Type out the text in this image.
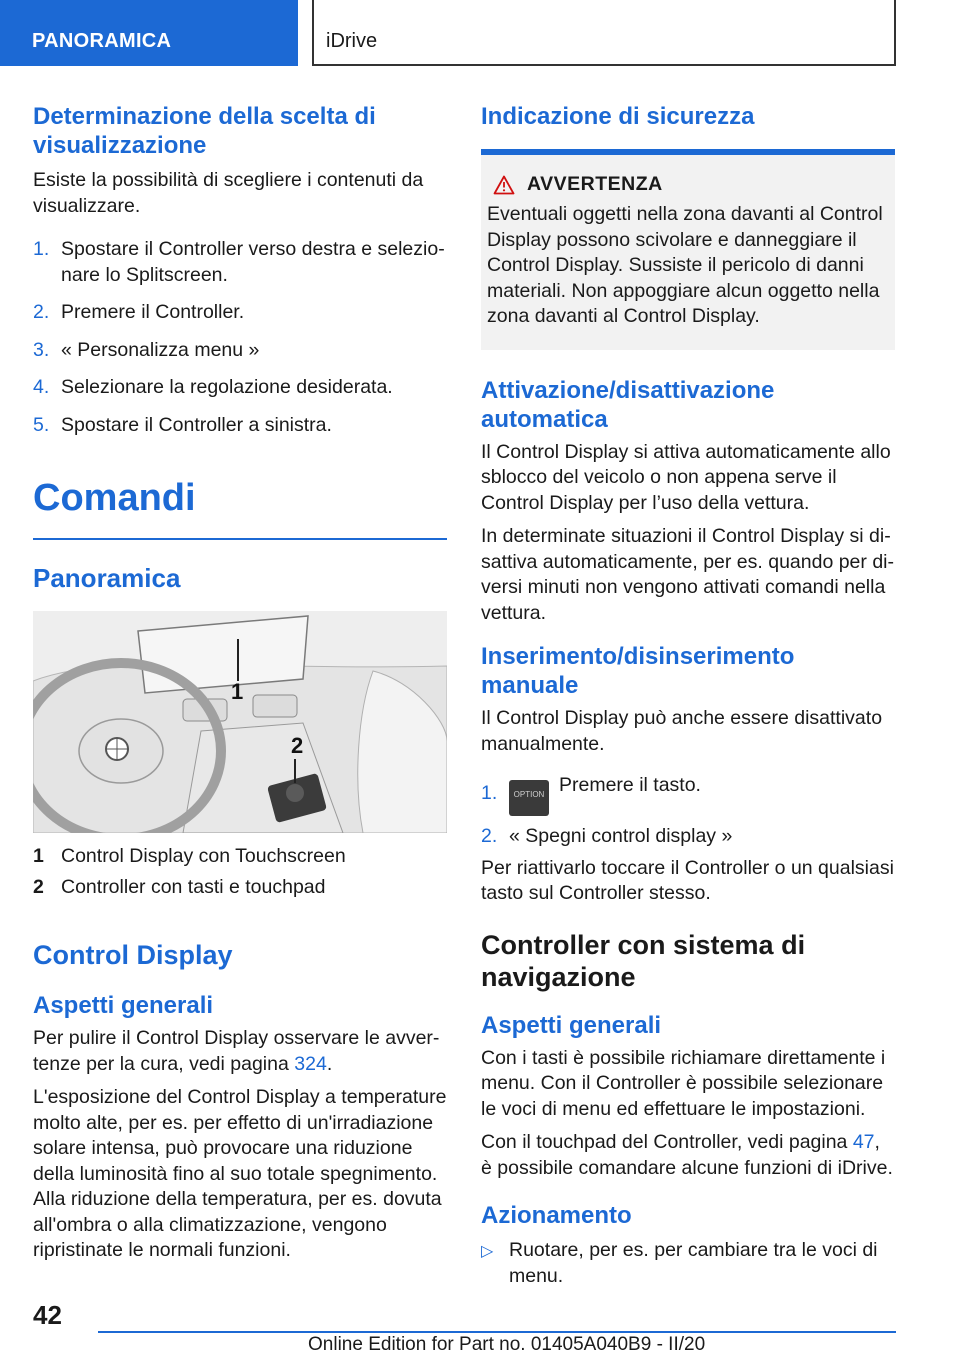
PANORAMICA	iDrive
Determinazione della scelta di visualizzazione

Esiste la possibilità di scegliere i contenuti da visualizzare.

1. Spostare il Controller verso destra e selezionare lo Splitscreen.
2. Premere il Controller.
3. « Personalizza menu »
4. Selezionare la regolazione desiderata.
5. Spostare il Controller a sinistra.
Comandi
Panoramica
1
2
1 Control Display con Touchscreen
2 Controller con tasti e touchpad
Control Display
Aspetti generali

Per pulire il Control Display osservare le avvertenze per la cura, vedi pagina 324.

L'esposizione del Control Display a temperature molto alte, per es. per effetto di un'irradiazione solare intensa, può provocare una riduzione della luminosità fino al suo totale spegnimento. Alla riduzione della temperatura, per es. dovuta all'ombra o alla climatizzazione, vengono ripristinate le normali funzioni.

Indicazione di sicurezza
AVVERTENZA

Eventuali oggetti nella zona davanti al Control Display possono scivolare e danneggiare il Control Display. Sussiste il pericolo di danni materiali. Non appoggiare alcun oggetto nella zona davanti al Control Display.

Attivazione/disattivazione automatica

Il Control Display si attiva automaticamente allo sblocco del veicolo o non appena serve il Control Display per l’uso della vettura.

In determinate situazioni il Control Display si disattiva automaticamente, per es. quando per diversi minuti non vengono attivati comandi nella vettura.

Inserimento/disinserimento manuale

Il Control Display può anche essere disattivato manualmente.

1. OPTION Premere il tasto.
2. « Spegni control display »

Per riattivarlo toccare il Controller o un qualsiasi tasto sul Controller stesso.

Controller con sistema di navigazione
Aspetti generali

Con i tasti è possibile richiamare direttamente i menu. Con il Controller è possibile selezionare le voci di menu ed effettuare le impostazioni.

Con il touchpad del Controller, vedi pagina 47, è possibile comandare alcune funzioni di iDrive.

Azionamento
▷ Ruotare, per es. per cambiare tra le voci di menu.
42
Online Edition for Part no. 01405A040B9 - II/20
